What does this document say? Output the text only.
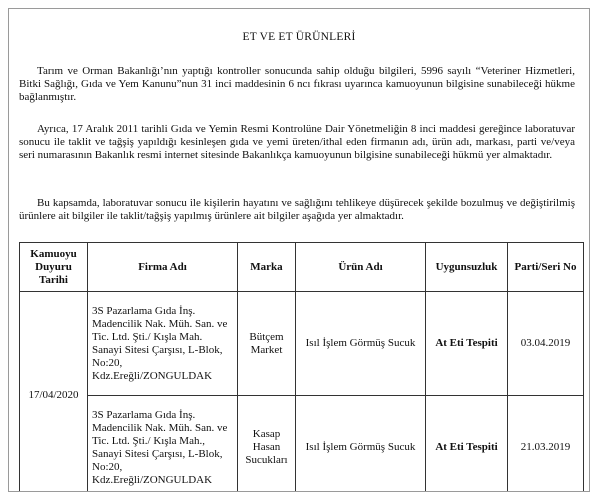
ET VE ET ÜRÜNLERİ

Tarım ve Orman Bakanlığı’nın yaptığı kontroller sonucunda sahip olduğu bilgileri, 5996 sayılı “Veteriner Hizmetleri, Bitki Sağlığı, Gıda ve Yem Kanunu”nun 31 inci maddesinin 6 ncı fıkrası uyarınca kamuoyunun bilgisine sunabileceği hükme bağlanmıştır.

Ayrıca, 17 Aralık 2011 tarihli Gıda ve Yemin Resmi Kontrolüne Dair Yönetmeliğin 8 inci maddesi gereğince laboratuvar sonucu ile taklit ve tağşiş yapıldığı kesinleşen gıda ve yemi üreten/ithal eden firmanın adı, ürün adı, markası, parti ve/veya seri numarasının Bakanlık resmi internet sitesinde Bakanlıkça kamuoyunun bilgisine sunabileceği hükmü yer almaktadır.

Bu kapsamda, laboratuvar sonucu ile kişilerin hayatını ve sağlığını tehlikeye düşürecek şekilde bozulmuş ve değiştirilmiş ürünlere ait bilgiler ile taklit/tağşiş yapılmış ürünlere ait bilgiler aşağıda yer almaktadır.

Kamuoyu Duyuru Tarihi	Firma Adı	Marka	Ürün Adı	Uygunsuzluk	Parti/Seri No
17/04/2020	3S Pazarlama Gıda İnş. Madencilik Nak. Müh. San. ve Tic. Ltd. Şti./ Kışla Mah. Sanayi Sitesi Çarşısı, L-Blok, No:20, Kdz.Ereğli/ZONGULDAK	Bütçem Market	Isıl İşlem Görmüş Sucuk	At Eti Tespiti	03.04.2019
	3S Pazarlama Gıda İnş. Madencilik Nak. Müh. San. ve Tic. Ltd. Şti./ Kışla Mah., Sanayi Sitesi Çarşısı, L-Blok, No:20, Kdz.Ereğli/ZONGULDAK	Kasap Hasan Sucukları	Isıl İşlem Görmüş Sucuk	At Eti Tespiti	21.03.2019
